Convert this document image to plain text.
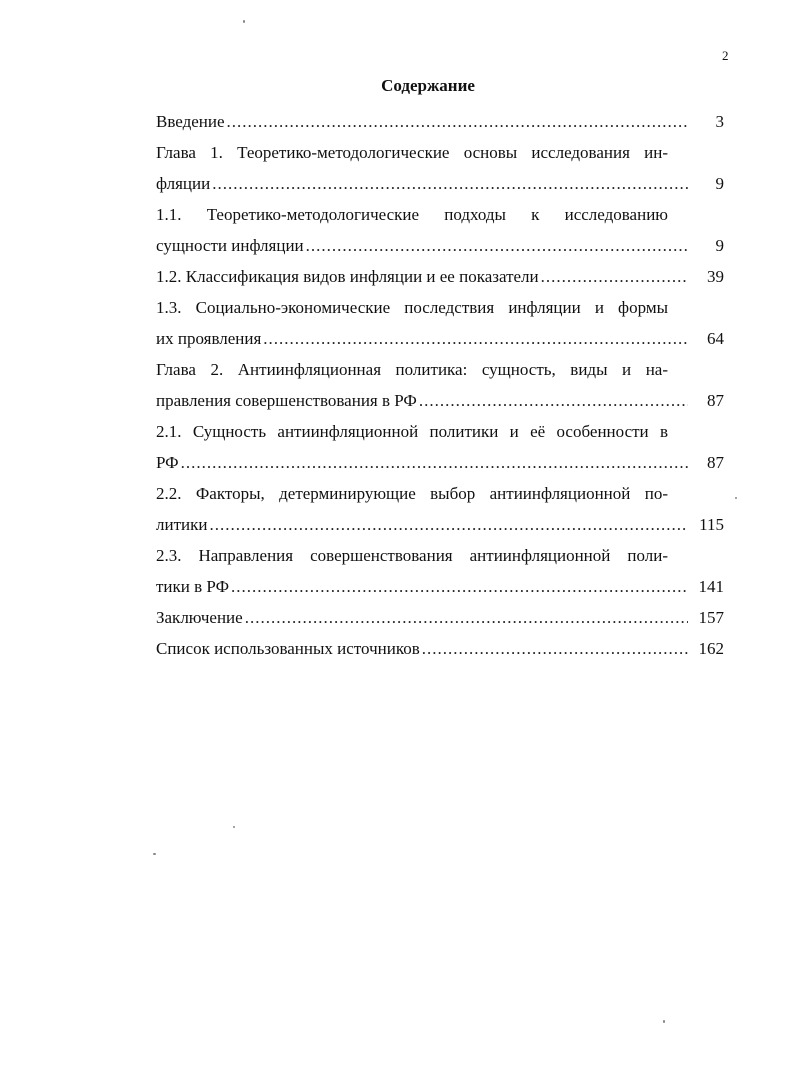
2
Содержание
Введение .....	3
Глава 1. Теоретико-методологические основы исследования ин-
фляции .....	9
1.1. Теоретико-методологические подходы к исследованию
сущности инфляции .....	9
1.2. Классификация видов инфляции и ее показатели .....	39
1.3. Социально-экономические последствия инфляции и формы
их проявления .....	64
Глава 2. Антиинфляционная политика: сущность, виды и на-
правления совершенствования в РФ .....	87
2.1. Сущность антиинфляционной политики и её особенности в
РФ .....	87
2.2. Факторы, детерминирующие выбор антиинфляционной по-
литики .....	115
2.3. Направления совершенствования антиинфляционной поли-
тики в РФ .....	141
Заключение .....	157
Список использованных источников .....	162
